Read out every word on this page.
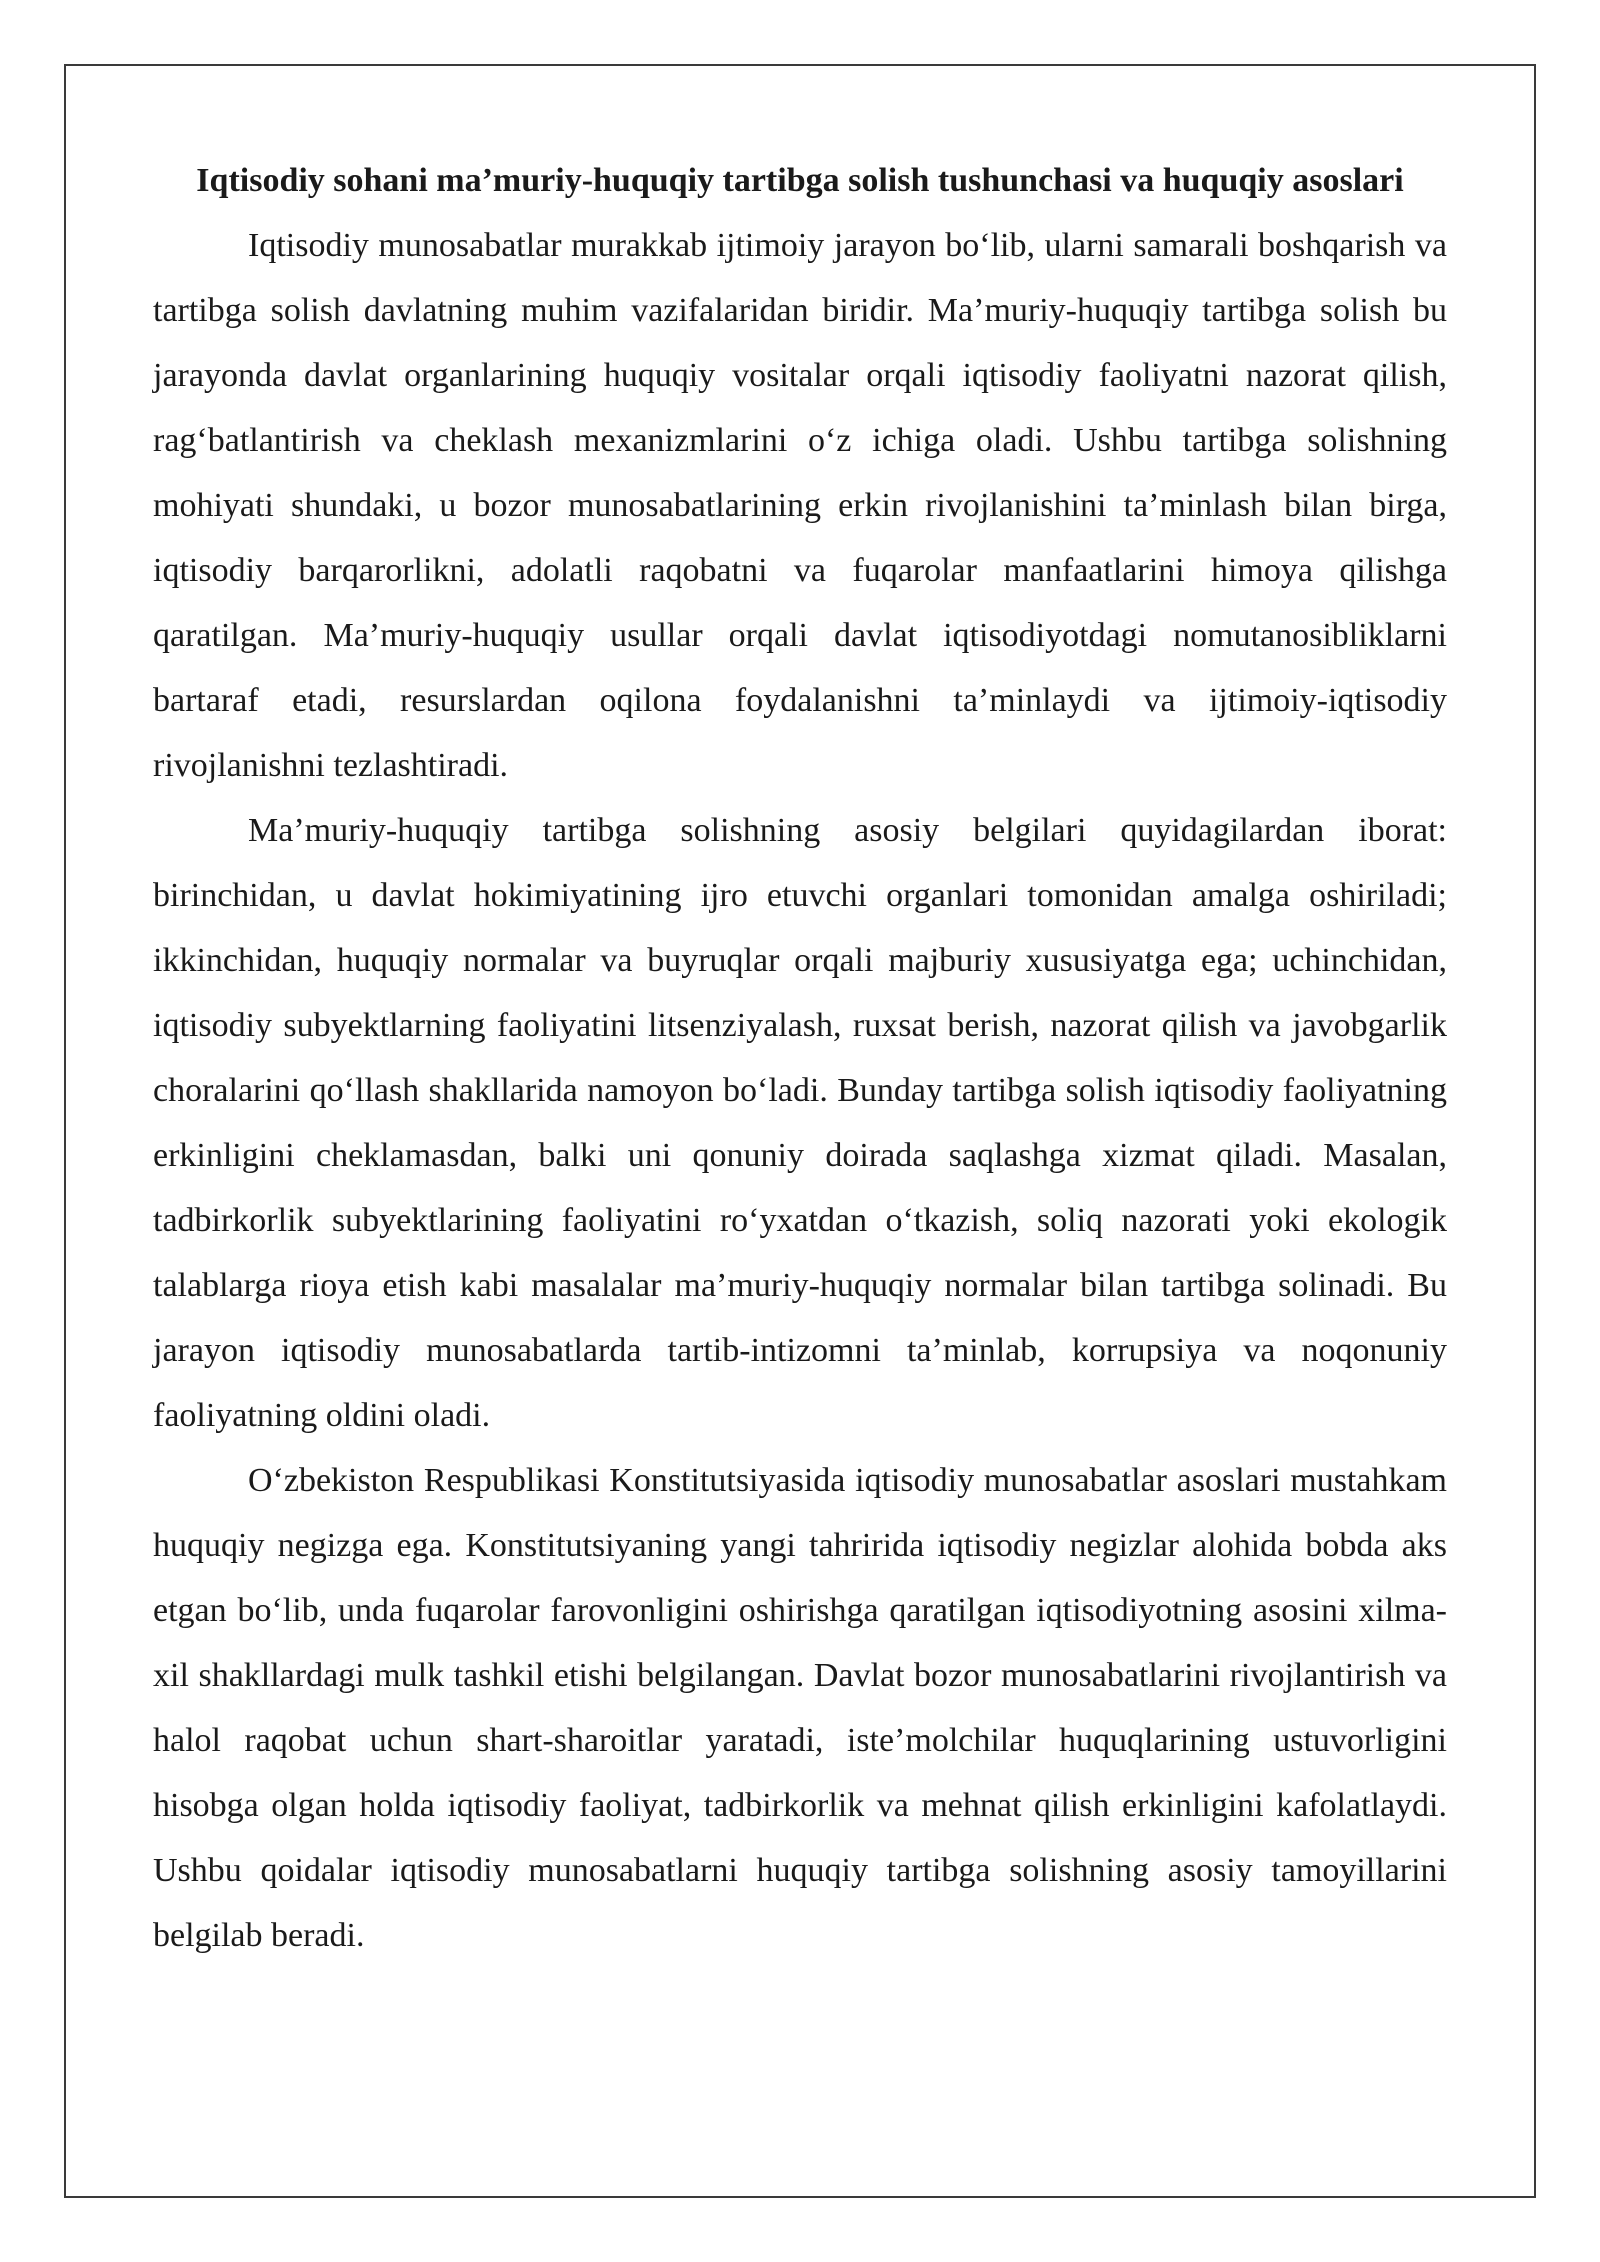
Iqtisodiy sohani ma’muriy-huquqiy tartibga solish tushunchasi va huquqiy asoslari

Iqtisodiy munosabatlar murakkab ijtimoiy jarayon bo‘lib, ularni samarali boshqarish va tartibga solish davlatning muhim vazifalaridan biridir. Ma’muriy-huquqiy tartibga solish bu jarayonda davlat organlarining huquqiy vositalar orqali iqtisodiy faoliyatni nazorat qilish, rag‘batlantirish va cheklash mexanizmlarini o‘z ichiga oladi. Ushbu tartibga solishning mohiyati shundaki, u bozor munosabatlarining erkin rivojlanishini ta’minlash bilan birga, iqtisodiy barqarorlikni, adolatli raqobatni va fuqarolar manfaatlarini himoya qilishga qaratilgan. Ma’muriy-huquqiy usullar orqali davlat iqtisodiyotdagi nomutanosibliklarni bartaraf etadi, resurslardan oqilona foydalanishni ta’minlaydi va ijtimoiy-iqtisodiy rivojlanishni tezlashtiradi.

Ma’muriy-huquqiy tartibga solishning asosiy belgilari quyidagilardan iborat: birinchidan, u davlat hokimiyatining ijro etuvchi organlari tomonidan amalga oshiriladi; ikkinchidan, huquqiy normalar va buyruqlar orqali majburiy xususiyatga ega; uchinchidan, iqtisodiy subyektlarning faoliyatini litsenziyalash, ruxsat berish, nazorat qilish va javobgarlik choralarini qo‘llash shakllarida namoyon bo‘ladi. Bunday tartibga solish iqtisodiy faoliyatning erkinligini cheklamasdan, balki uni qonuniy doirada saqlashga xizmat qiladi. Masalan, tadbirkorlik subyektlarining faoliyatini ro‘yxatdan o‘tkazish, soliq nazorati yoki ekologik talablarga rioya etish kabi masalalar ma’muriy-huquqiy normalar bilan tartibga solinadi. Bu jarayon iqtisodiy munosabatlarda tartib-intizomni ta’minlab, korrupsiya va noqonuniy faoliyatning oldini oladi.

O‘zbekiston Respublikasi Konstitutsiyasida iqtisodiy munosabatlar asoslari mustahkam huquqiy negizga ega. Konstitutsiyaning yangi tahririda iqtisodiy negizlar alohida bobda aks etgan bo‘lib, unda fuqarolar farovonligini oshirishga qaratilgan iqtisodiyotning asosini xilma-xil shakllardagi mulk tashkil etishi belgilangan. Davlat bozor munosabatlarini rivojlantirish va halol raqobat uchun shart-sharoitlar yaratadi, iste’molchilar huquqlarining ustuvorligini hisobga olgan holda iqtisodiy faoliyat, tadbirkorlik va mehnat qilish erkinligini kafolatlaydi. Ushbu qoidalar iqtisodiy munosabatlarni huquqiy tartibga solishning asosiy tamoyillarini belgilab beradi.
